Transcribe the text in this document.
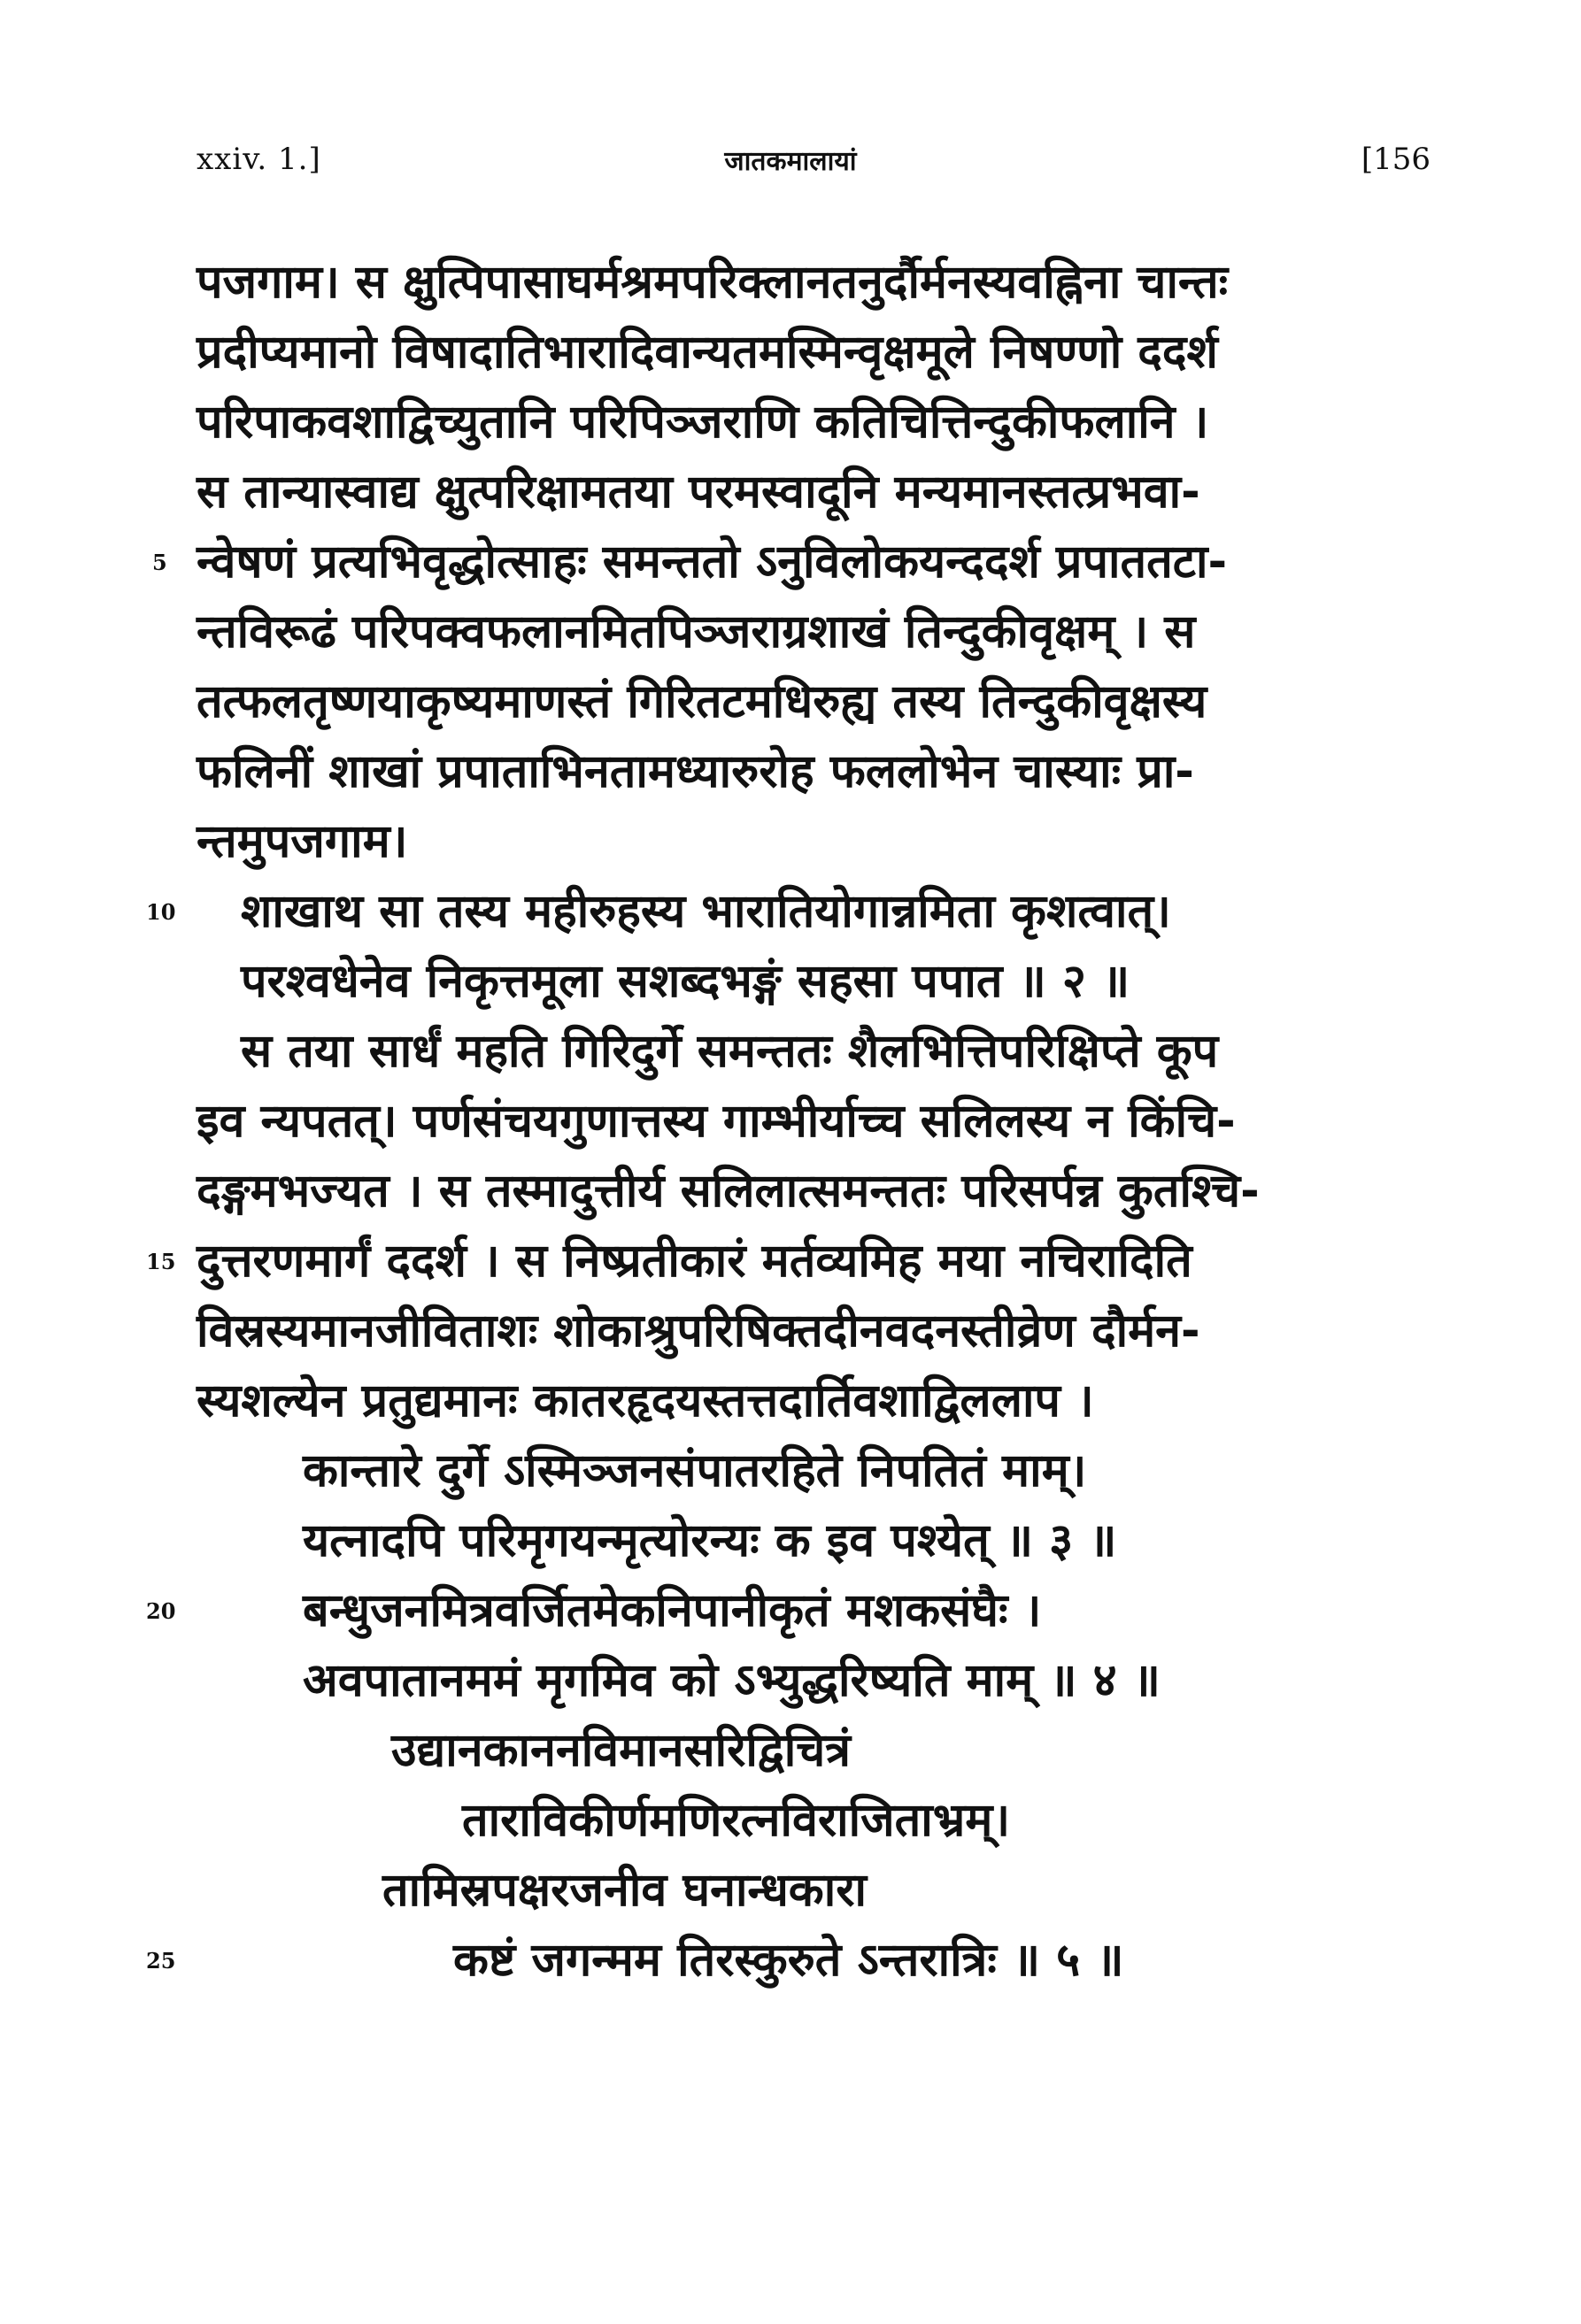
xxiv. 1.]	जातकमालायां	[156
पजगाम। स क्षुत्पिपासाघर्मश्रमपरिक्लानतनुर्दौर्मनस्यवह्निना चान्तः
प्रदीप्यमानो विषादातिभारादिवान्यतमस्मिन्वृक्षमूले निषण्णो ददर्श
परिपाकवशाद्विच्युतानि परिपिञ्जराणि कतिचित्तिन्दुकीफलानि ।
स तान्यास्वाद्य क्षुत्परिक्षामतया परमस्वादूनि मन्यमानस्तत्प्रभवा-
5 न्वेषणं प्रत्यभिवृद्धोत्साहः समन्ततो ऽनुविलोकयन्ददर्श प्रपाततटा-
न्तविरूढं परिपक्वफलानमितपिञ्जराग्रशाखं तिन्दुकीवृक्षम् । स
तत्फलतृष्णयाकृष्यमाणस्तं गिरितटमधिरुह्य तस्य तिन्दुकीवृक्षस्य
फलिनीं शाखां प्रपाताभिनतामध्यारुरोह फललोभेन चास्याः प्रा-
न्तमुपजगाम।
10 शाखाथ सा तस्य महीरुहस्य भारातियोगान्नमिता कृशत्वात्।
परश्वधेनेव निकृत्तमूला सशब्दभङ्गं सहसा पपात ॥ २ ॥
स तया सार्धं महति गिरिदुर्गे समन्ततः शैलभित्तिपरिक्षिप्ते कूप
इव न्यपतत्। पर्णसंचयगुणात्तस्य गाम्भीर्याच्च सलिलस्य न किंचि-
दङ्गमभज्यत । स तस्मादुत्तीर्य सलिलात्समन्ततः परिसर्पन्न कुतश्चि-
15 दुत्तरणमार्गं ददर्श । स निष्प्रतीकारं मर्तव्यमिह मया नचिरादिति
विस्रस्यमानजीविताशः शोकाश्रुपरिषिक्तदीनवदनस्तीव्रेण दौर्मन-
स्यशल्येन प्रतुद्यमानः कातरहृदयस्तत्तदार्तिवशाद्विललाप ।
कान्तारे दुर्गे ऽस्मिञ्जनसंपातरहिते निपतितं माम्।
यत्नादपि परिमृगयन्मृत्योरन्यः क इव पश्येत् ॥ ३ ॥
20	बन्धुजनमित्रवर्जितमेकनिपानीकृतं मशकसंघैः ।
अवपातानममं मृगमिव को ऽभ्युद्धरिष्यति माम् ॥ ४ ॥
उद्यानकाननविमानसरिद्विचित्रं
ताराविकीर्णमणिरत्नविराजिताभ्रम्।
तामिस्रपक्षरजनीव घनान्धकारा
25	कष्टं जगन्मम तिरस्कुरुते ऽन्तरात्रिः ॥ ५ ॥
